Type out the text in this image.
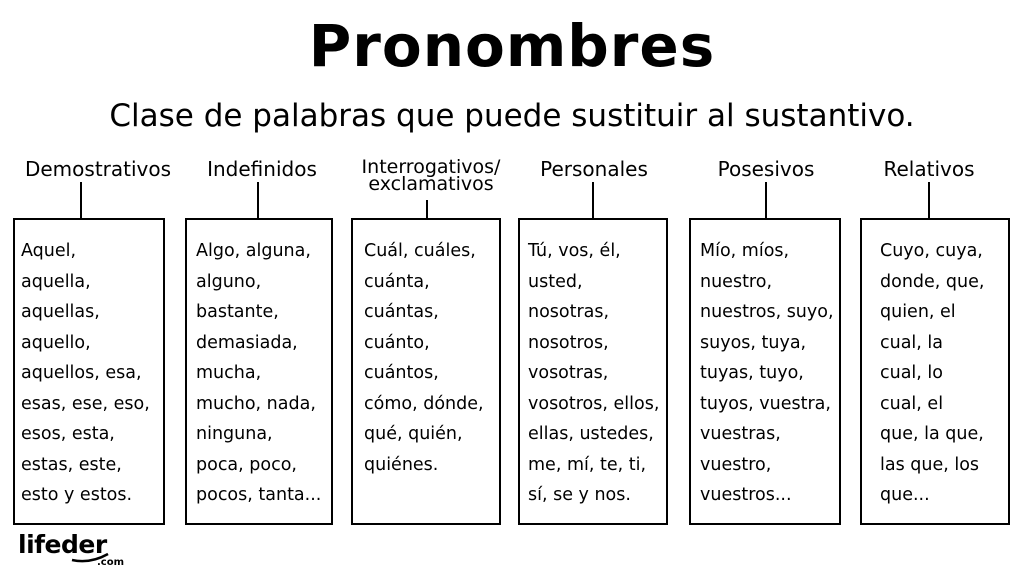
Pronombres
Clase de palabras que puede sustituir al sustantivo.
Demostrativos
Aquel,
aquella,
aquellas,
aquello,
aquellos, esa,
esas, ese, eso,
esos, esta,
estas, este,
esto y estos.
Indefinidos
Algo, alguna,
alguno,
bastante,
demasiada,
mucha,
mucho, nada,
ninguna,
poca, poco,
pocos, tanta...
Interrogativos/
exclamativos
Cuál, cuáles,
cuánta,
cuántas,
cuánto,
cuántos,
cómo, dónde,
qué, quién,
quiénes.
Personales
Tú, vos, él,
usted,
nosotras,
nosotros,
vosotras,
vosotros, ellos,
ellas, ustedes,
me, mí, te, ti,
sí, se y nos.
Posesivos
Mío, míos,
nuestro,
nuestros, suyo,
suyos, tuya,
tuyas, tuyo,
tuyos, vuestra,
vuestras,
vuestro,
vuestros...
Relativos
Cuyo, cuya,
donde, que,
quien, el
cual, la
cual, lo
cual, el
que, la que,
las que, los
que...
lifeder
.com
